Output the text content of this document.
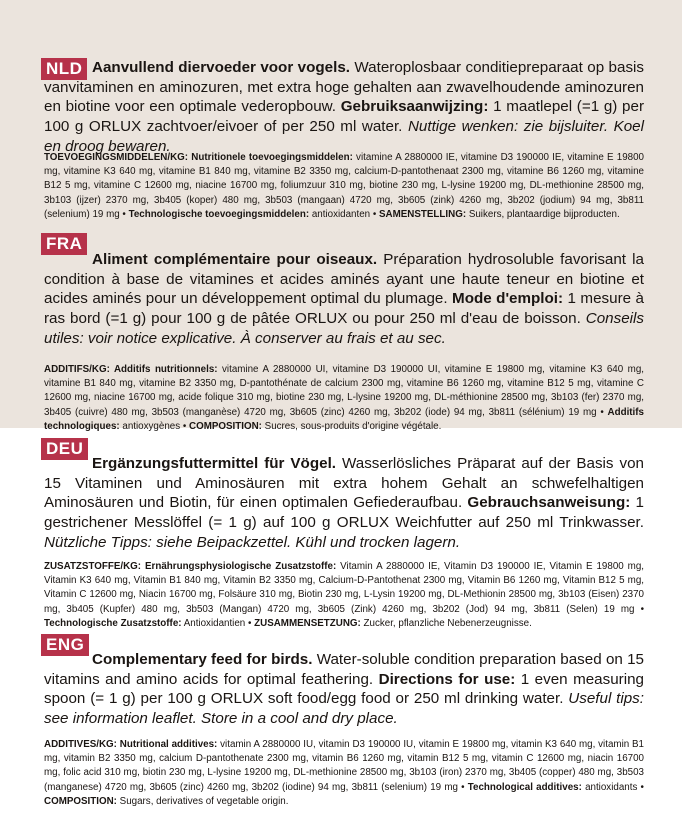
NLD Aanvullend diervoeder voor vogels. Wateroplosbaar conditiepreparaat op basis vanvitaminen en aminozuren, met extra hoge gehalten aan zwavelhoudende aminozuren en biotine voor een optimale vederopbouw. Gebruiksaanwijzing: 1 maatlepel (=1 g) per 100 g ORLUX zachtvoer/eivoer of per 250 ml water. Nuttige wenken: zie bijsluiter. Koel en droog bewaren.

TOEVOEGINGSMIDDELEN/KG: Nutritionele toevoegingsmiddelen: vitamine A 2880000 IE, vitamine D3 190000 IE, vitamine E 19800 mg, vitamine K3 640 mg, vitamine B1 840 mg, vitamine B2 3350 mg, calcium-D-pantothenaat 2300 mg, vitamine B6 1260 mg, vitamine B12 5 mg, vitamine C 12600 mg, niacine 16700 mg, foliumzuur 310 mg, biotine 230 mg, L-lysine 19200 mg, DL-methionine 28500 mg, 3b103 (ijzer) 2370 mg, 3b405 (koper) 480 mg, 3b503 (mangaan) 4720 mg, 3b605 (zink) 4260 mg, 3b202 (jodium) 94 mg, 3b811 (selenium) 19 mg • Technologische toevoegingsmiddelen: antioxidanten • SAMENSTELLING: Suikers, plantaardige bijproducten.

FRA

Aliment complémentaire pour oiseaux. Préparation hydrosoluble favorisant la condition à base de vitamines et acides aminés ayant une haute teneur en biotine et acides aminés pour un développement optimal du plumage. Mode d'emploi: 1 mesure à ras bord (=1 g) pour 100 g de pâtée ORLUX ou pour 250 ml d'eau de boisson. Conseils utiles: voir notice explicative. À conserver au frais et au sec.

ADDITIFS/KG: Additifs nutritionnels: vitamine A 2880000 UI, vitamine D3 190000 UI, vitamine E 19800 mg, vitamine K3 640 mg, vitamine B1 840 mg, vitamine B2 3350 mg, D-pantothénate de calcium 2300 mg, vitamine B6 1260 mg, vitamine B12 5 mg, vitamine C 12600 mg, niacine 16700 mg, acide folique 310 mg, biotine 230 mg, L-lysine 19200 mg, DL-méthionine 28500 mg, 3b103 (fer) 2370 mg, 3b405 (cuivre) 480 mg, 3b503 (manganèse) 4720 mg, 3b605 (zinc) 4260 mg, 3b202 (iode) 94 mg, 3b811 (sélénium) 19 mg • Additifs technologiques: antioxygènes • COMPOSITION: Sucres, sous-produits d'origine végétale.

DEU

Ergänzungsfuttermittel für Vögel. Wasserlösliches Präparat auf der Basis von 15 Vitaminen und Aminosäuren mit extra hohem Gehalt an schwefelhaltigen Aminosäuren und Biotin, für einen optimalen Gefiederaufbau. Gebrauchsanweisung: 1 gestrichener Messlöffel (= 1 g) auf 100 g ORLUX Weichfutter auf 250 ml Trinkwasser. Nützliche Tipps: siehe Beipackzettel. Kühl und trocken lagern.

ZUSATZSTOFFE/KG: Ernährungsphysiologische Zusatzstoffe: Vitamin A 2880000 IE, Vitamin D3 190000 IE, Vitamin E 19800 mg, Vitamin K3 640 mg, Vitamin B1 840 mg, Vitamin B2 3350 mg, Calcium-D-Pantothenat 2300 mg, Vitamin B6 1260 mg, Vitamin B12 5 mg, Vitamin C 12600 mg, Niacin 16700 mg, Folsäure 310 mg, Biotin 230 mg, L-Lysin 19200 mg, DL-Methionin 28500 mg, 3b103 (Eisen) 2370 mg, 3b405 (Kupfer) 480 mg, 3b503 (Mangan) 4720 mg, 3b605 (Zink) 4260 mg, 3b202 (Jod) 94 mg, 3b811 (Selen) 19 mg • Technologische Zusatzstoffe: Antioxidantien • ZUSAMMENSETZUNG: Zucker, pflanzliche Nebenerzeugnisse.

ENG

Complementary feed for birds. Water-soluble condition preparation based on 15 vitamins and amino acids for optimal feathering. Directions for use: 1 even measuring spoon (= 1 g) per 100 g ORLUX soft food/egg food or 250 ml drinking water. Useful tips: see information leaflet. Store in a cool and dry place.

ADDITIVES/KG: Nutritional additives: vitamin A 2880000 IU, vitamin D3 190000 IU, vitamin E 19800 mg, vitamin K3 640 mg, vitamin B1 mg, vitamin B2 3350 mg, calcium D-pantothenate 2300 mg, vitamin B6 1260 mg, vitamin B12 5 mg, vitamin C 12600 mg, niacin 16700 mg, folic acid 310 mg, biotin 230 mg, L-lysine 19200 mg, DL-methionine 28500 mg, 3b103 (iron) 2370 mg, 3b405 (copper) 480 mg, 3b503 (manganese) 4720 mg, 3b605 (zinc) 4260 mg, 3b202 (iodine) 94 mg, 3b811 (selenium) 19 mg • Technological additives: antioxidants • COMPOSITION: Sugars, derivatives of vegetable origin.
